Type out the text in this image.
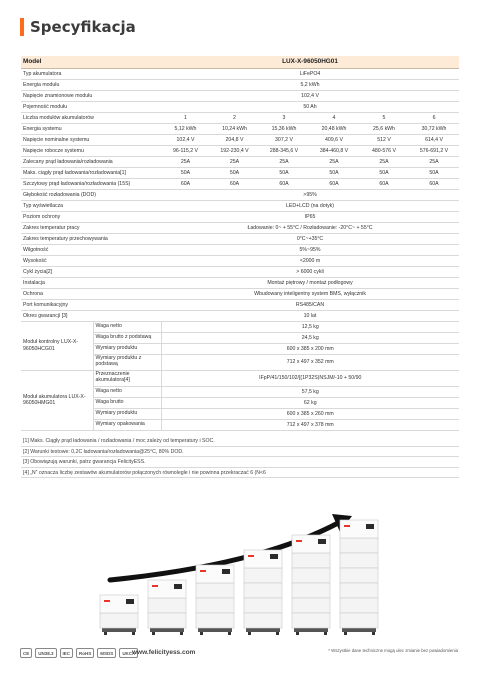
Specyfikacja
Model		LUX-X-96050HG01					
Typ akumulatora		LiFePO4					
Energia modułu		5,2 kWh					
Napięcie znamionowe modułu		102,4 V					
Pojemność modułu		50 Ah					
Liczba modułów akumulatorów		1	2	3	4	5	6
Energia systemu		5,12 kWh	10,24 kWh	15,36 kWh	20,48 kWh	25,6 kWh	30,72 kWh
Napięcie nominalne systemu		102,4 V	204,8 V	307,2 V	409,6 V	512 V	614,4 V
Napięcie robocze systemu		96-115,2 V	192-230,4 V	288-345,6 V	384-460,8 V	480-576 V	576-691,2 V
Zalecany prąd ładowania/rozładowania		25A	25A	25A	25A	25A	25A
Maks. ciągły prąd ładowania/rozładowania[1]		50A	50A	50A	50A	50A	50A
Szczytowy prąd ładowania/rozładowania (15S)		60A	60A	60A	60A	60A	60A
Głębokość rozładowania (DOD)		>95%					
Typ wyświetlacza		LED+LCD (na dotyk)					
Poziom ochrony		IP65					
Zakres temperatur pracy		Ładowanie: 0~ + 55°C / Rozładowanie: -20°C~ + 55°C					
Zakres temperatury przechowywania		0°C~+35°C					
Wilgotność		5%~95%					
Wysokość		<2000 m					
Cykl życia[2]		> 6000 cykli					
Instalacja		Montaż piętrowy / montaż podłogowy					
Ochrona		Wbudowany inteligentny system BMS, wyłącznik					
Port komunikacyjny		RS485/CAN					
Okres gwarancji [3]		10 lat					
Moduł kontrolny LUX-X-96050HCG01	Waga netto	12,5 kg					
	Waga brutto z podstawą	24,5 kg					
	Wymiary produktu	600 x 385 x 200 mm					
	Wymiary produktu z podstawą	712 x 497 x 352 mm					
Moduł akumulatora LUX-X-96050HMG01	Przeznaczenie akumulatora[4]	IFpP/41/150/102/[(1P32S)NSJM/-10 + 50/90					
	Waga netto	57,5 kg					
	Waga brutto	62 kg					
	Wymiary produktu	600 x 385 x 260 mm					
	Wymiary opakowania	712 x 497 x 378 mm					
[1] Maks. Ciągły prąd ładowania / rozładowania / moc zależy od temperatury i SOC.
[2] Warunki testowe: 0,2C ładowania/rozładowania@25°C, 80% DOD.
[3] Obowiązują warunki, patrz gwarancja FelicityESS.
[4] „N” oznacza liczbę zestawów akumulatorów połączonych równolegle i nie powinna przekraczać 6 (N<6
CE	UN38.3	IEC	RoHS	MSDS	UKCA
www.felicityess.com	* Wszystkie dane techniczne mogą ulec zmianie bez powiadomienia
